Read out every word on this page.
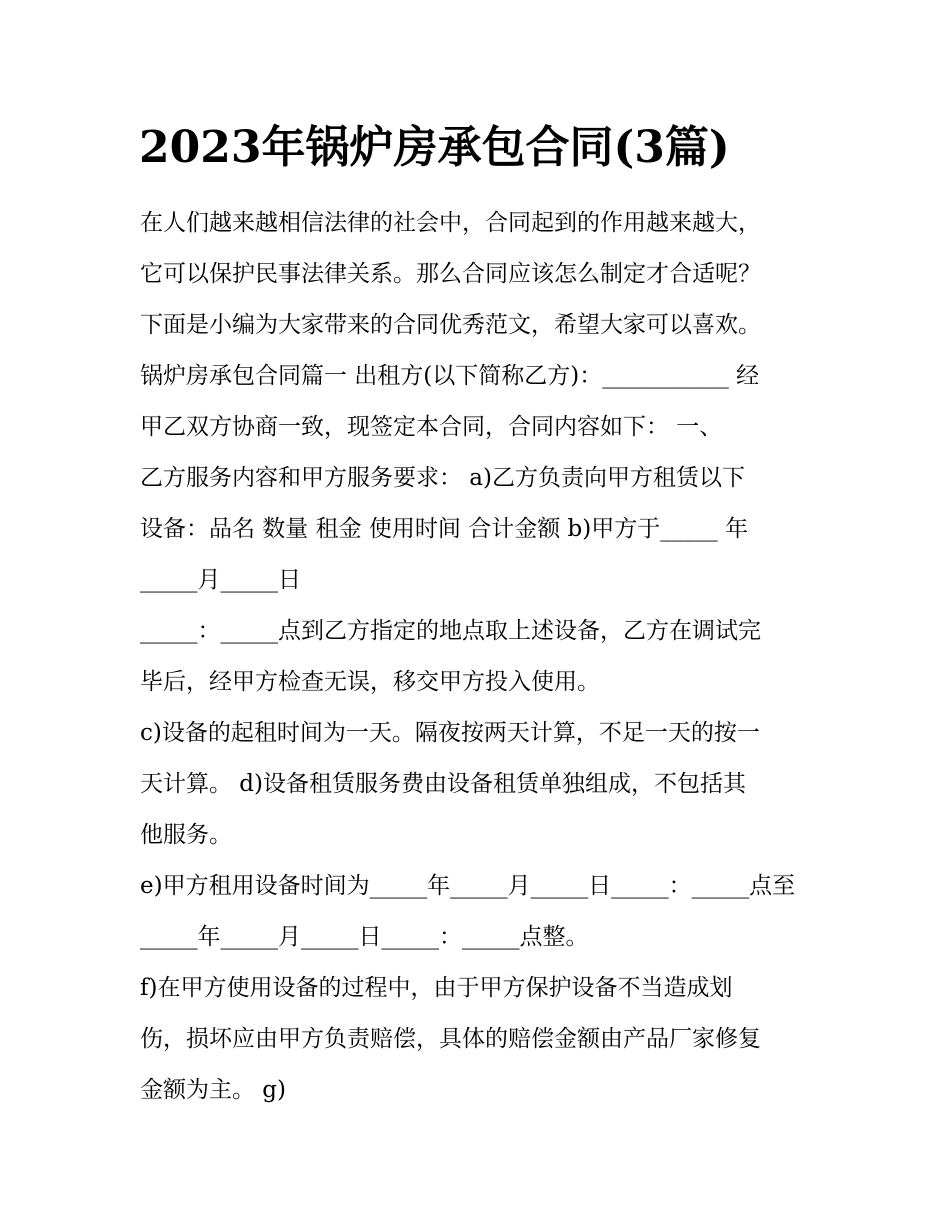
2023年锅炉房承包合同(3篇)
在人们越来越相信法律的社会中，合同起到的作用越来越大，
它可以保护民事法律关系。那么合同应该怎么制定才合适呢？
下面是小编为大家带来的合同优秀范文，希望大家可以喜欢。
锅炉房承包合同篇一 出租方(以下简称乙方)：___________ 经
甲乙双方协商一致，现签定本合同，合同内容如下： 一、
乙方服务内容和甲方服务要求： a)乙方负责向甲方租赁以下
设备：品名 数量 租金 使用时间 合计金额 b)甲方于_____ 年
_____月_____日
_____：_____点到乙方指定的地点取上述设备，乙方在调试完
毕后，经甲方检查无误，移交甲方投入使用。
c)设备的起租时间为一天。隔夜按两天计算，不足一天的按一
天计算。 d)设备租赁服务费由设备租赁单独组成，不包括其
他服务。
e)甲方租用设备时间为_____年_____月_____日_____：_____点至
_____年_____月_____日_____：_____点整。
f)在甲方使用设备的过程中，由于甲方保护设备不当造成划
伤，损坏应由甲方负责赔偿，具体的赔偿金额由产品厂家修复
金额为主。 g)
